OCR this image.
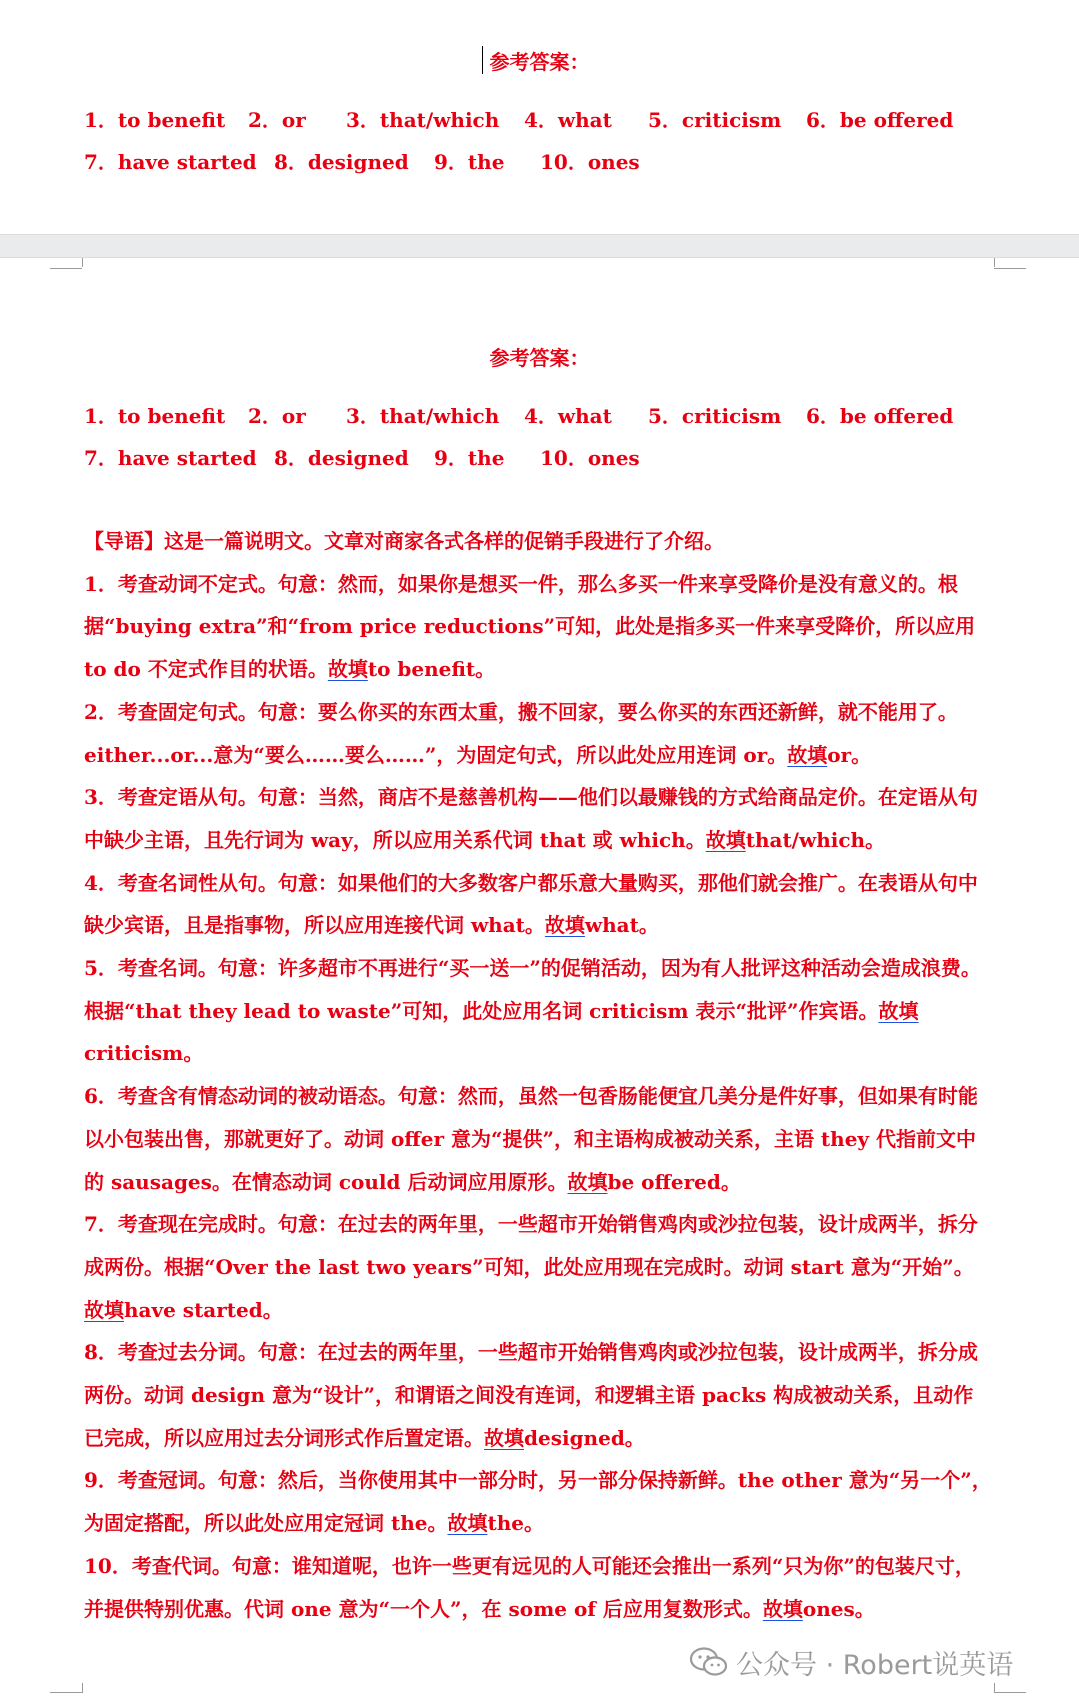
参考答案：
1．to benefit 2．or 3．that/which 4．what 5．criticism 6．be offered
7．have started 8．designed 9．the 10．ones
参考答案：
1．to benefit 2．or 3．that/which 4．what 5．criticism 6．be offered
7．have started 8．designed 9．the 10．ones

【导语】这是一篇说明文。文章对商家各式各样的促销手段进行了介绍。

1．考查动词不定式。句意：然而，如果你是想买一件，那么多买一件来享受降价是没有意义的。根据“buying extra”和“from price reductions”可知，此处是指多买一件来享受降价，所以应用 to do 不定式作目的状语。故填to benefit。

2．考查固定句式。句意：要么你买的东西太重，搬不回家，要么你买的东西还新鲜，就不能用了。either...or...意为“要么……要么……”，为固定句式，所以此处应用连词 or。故填or。

3．考查定语从句。句意：当然，商店不是慈善机构——他们以最赚钱的方式给商品定价。在定语从句中缺少主语，且先行词为 way，所以应用关系代词 that 或 which。故填that/which。

4．考查名词性从句。句意：如果他们的大多数客户都乐意大量购买，那他们就会推广。在表语从句中缺少宾语，且是指事物，所以应用连接代词 what。故填what。

5．考查名词。句意：许多超市不再进行“买一送一”的促销活动，因为有人批评这种活动会造成浪费。根据“that they lead to waste”可知，此处应用名词 criticism 表示“批评”作宾语。故填criticism。

6．考查含有情态动词的被动语态。句意：然而，虽然一包香肠能便宜几美分是件好事，但如果有时能以小包装出售，那就更好了。动词 offer 意为“提供”，和主语构成被动关系，主语 they 代指前文中的 sausages。在情态动词 could 后动词应用原形。故填be offered。

7．考查现在完成时。句意：在过去的两年里，一些超市开始销售鸡肉或沙拉包装，设计成两半，拆分成两份。根据“Over the last two years”可知，此处应用现在完成时。动词 start 意为“开始”。故填have started。

8．考查过去分词。句意：在过去的两年里，一些超市开始销售鸡肉或沙拉包装，设计成两半，拆分成两份。动词 design 意为“设计”，和谓语之间没有连词，和逻辑主语 packs 构成被动关系，且动作已完成，所以应用过去分词形式作后置定语。故填designed。

9．考查冠词。句意：然后，当你使用其中一部分时，另一部分保持新鲜。the other 意为“另一个”，为固定搭配，所以此处应用定冠词 the。故填the。

10．考查代词。句意：谁知道呢，也许一些更有远见的人可能还会推出一系列“只为你”的包装尺寸，并提供特别优惠。代词 one 意为“一个人”，在 some of 后应用复数形式。故填ones。

公众号 · Robert说英语
